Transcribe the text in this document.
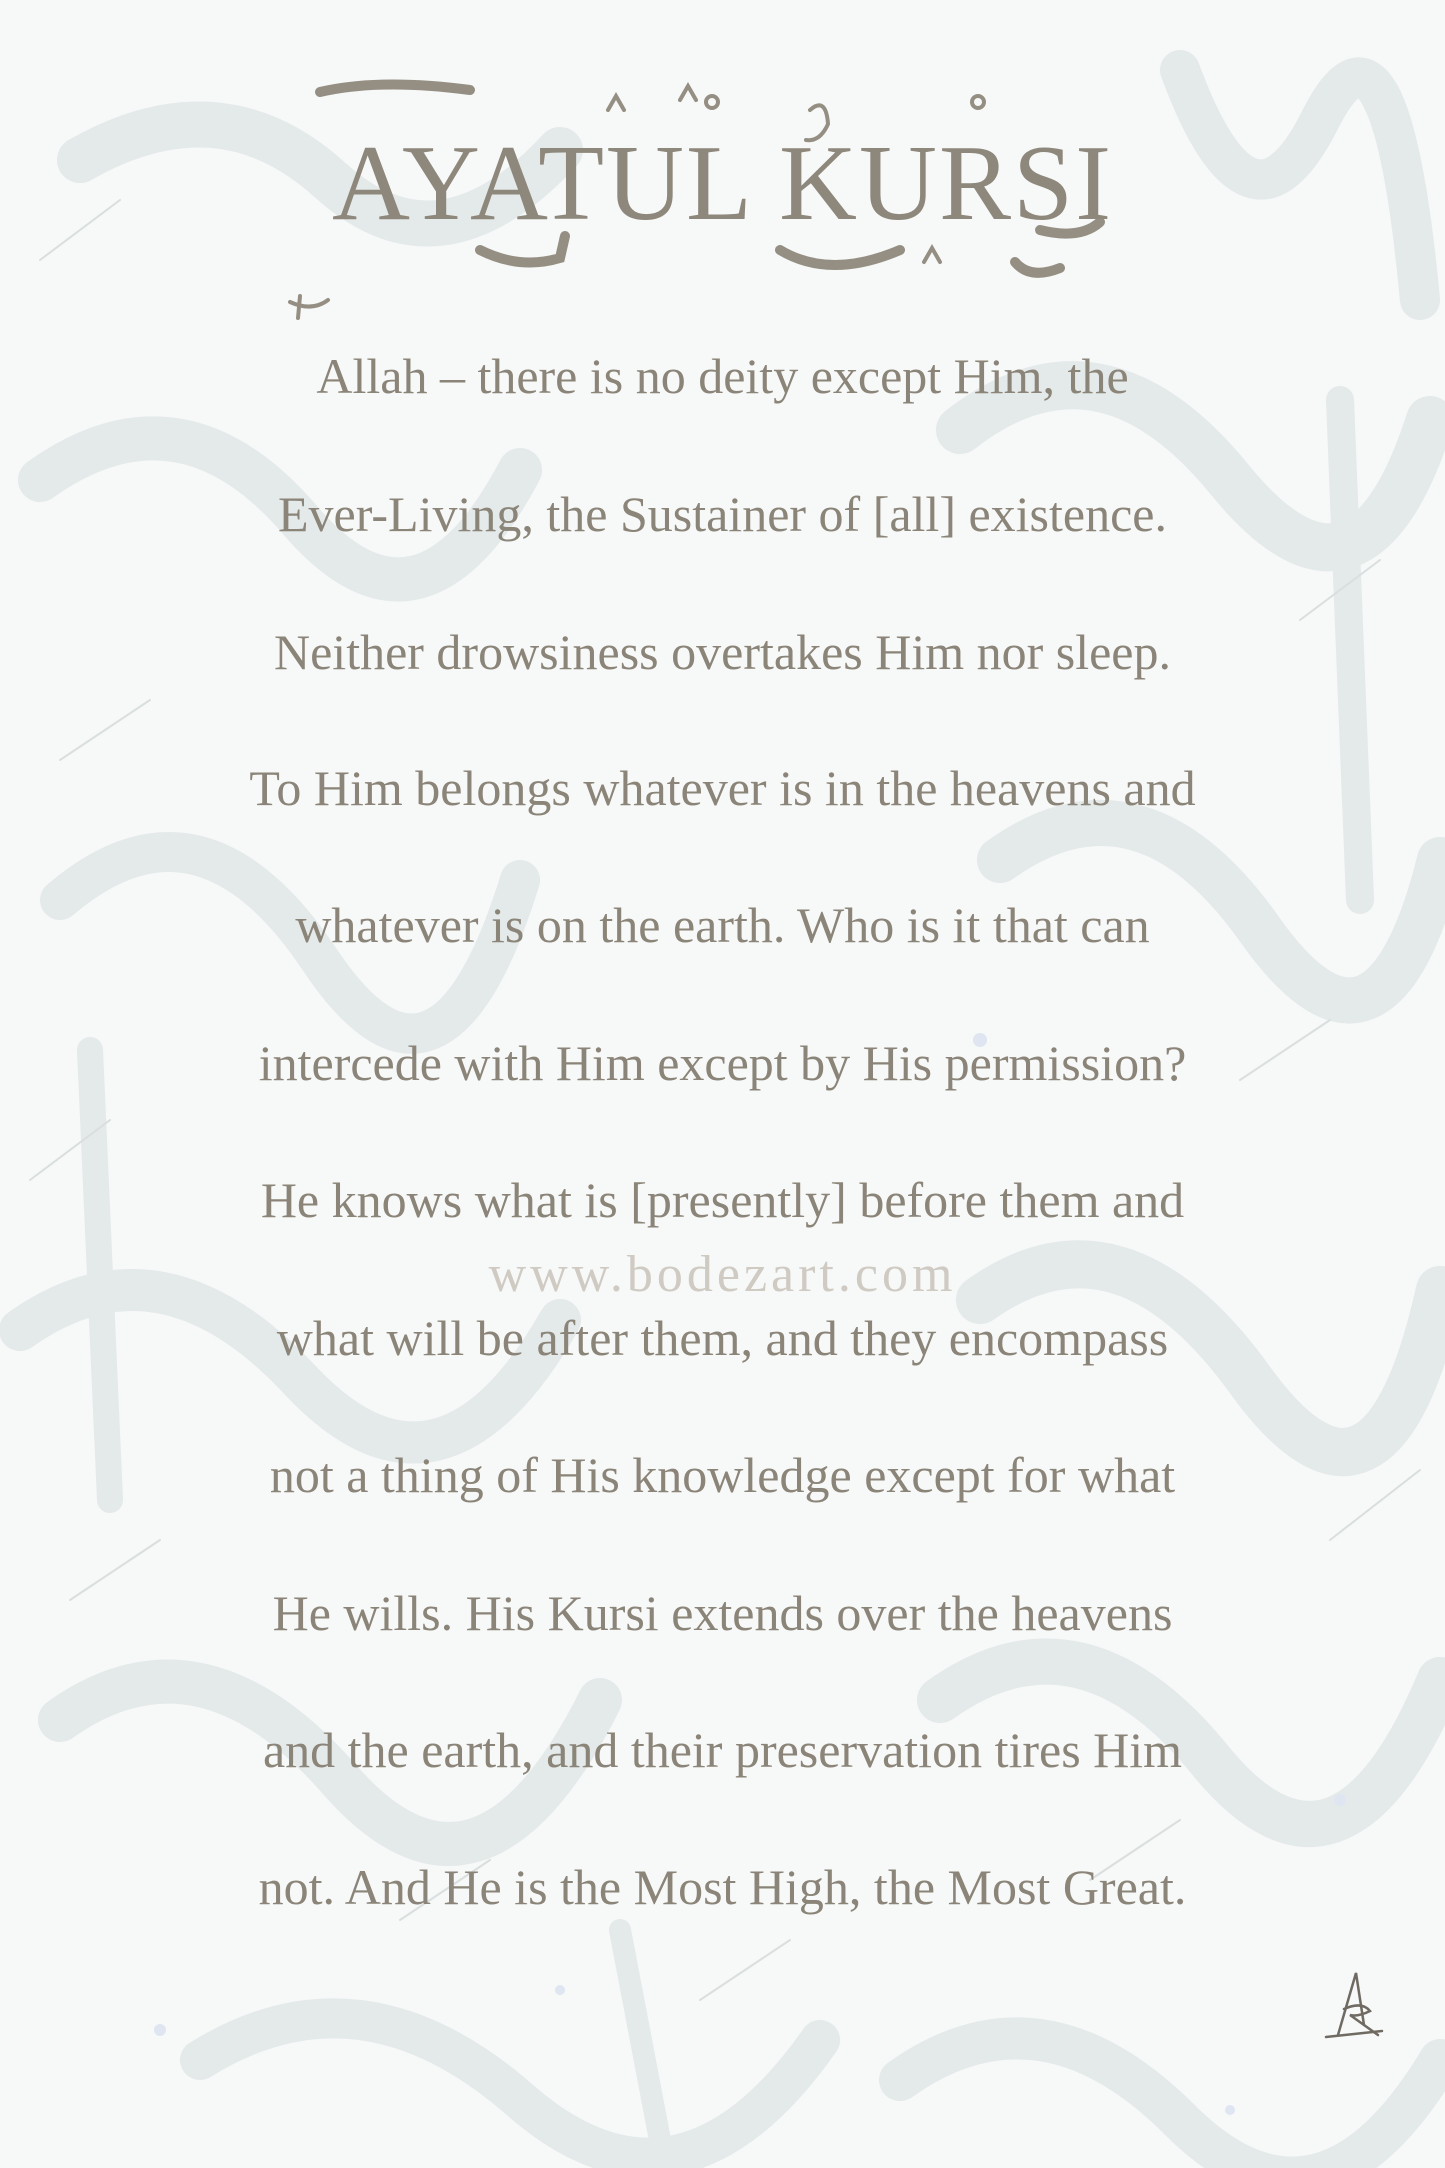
AYATUL KURSI
Allah – there is no deity except Him, the
Ever-Living, the Sustainer of [all] existence.
Neither drowsiness overtakes Him nor sleep.
To Him belongs whatever is in the heavens and
whatever is on the earth. Who is it that can
intercede with Him except by His permission?
He knows what is [presently] before them and
what will be after them, and they encompass
not a thing of His knowledge except for what
He wills. His Kursi extends over the heavens
and the earth, and their preservation tires Him
not. And He is the Most High, the Most Great.
www.bodezart.com
